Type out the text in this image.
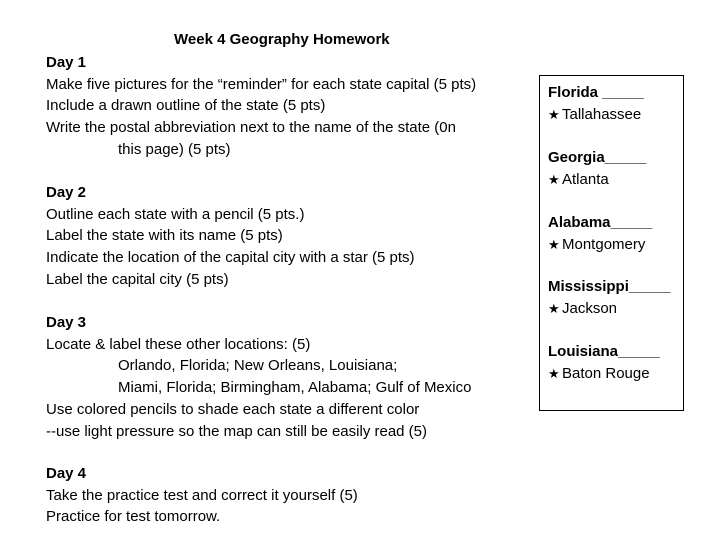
Week 4 Geography Homework
Day 1
Make five pictures for the “reminder” for each state capital (5 pts)
Include a drawn outline of the state (5 pts)
Write the postal abbreviation next to the name of the state (0n
this page) (5 pts)
Day 2
Outline each state with a pencil (5 pts.)
Label the state with its name (5 pts)
Indicate the location of the capital city with a star (5 pts)
Label the capital city (5 pts)
Day 3
Locate & label these other locations: (5)
Orlando, Florida; New Orleans, Louisiana;
Miami, Florida; Birmingham, Alabama; Gulf of Mexico
Use colored pencils to shade each state a different color
--use light pressure so the map can still be easily read (5)
Day 4
Take the practice test and correct it yourself (5)
Practice for test tomorrow.
Florida _____
★ Tallahassee
Georgia_____
★ Atlanta
Alabama_____
★ Montgomery
Mississippi_____
★ Jackson
Louisiana_____
★ Baton Rouge
